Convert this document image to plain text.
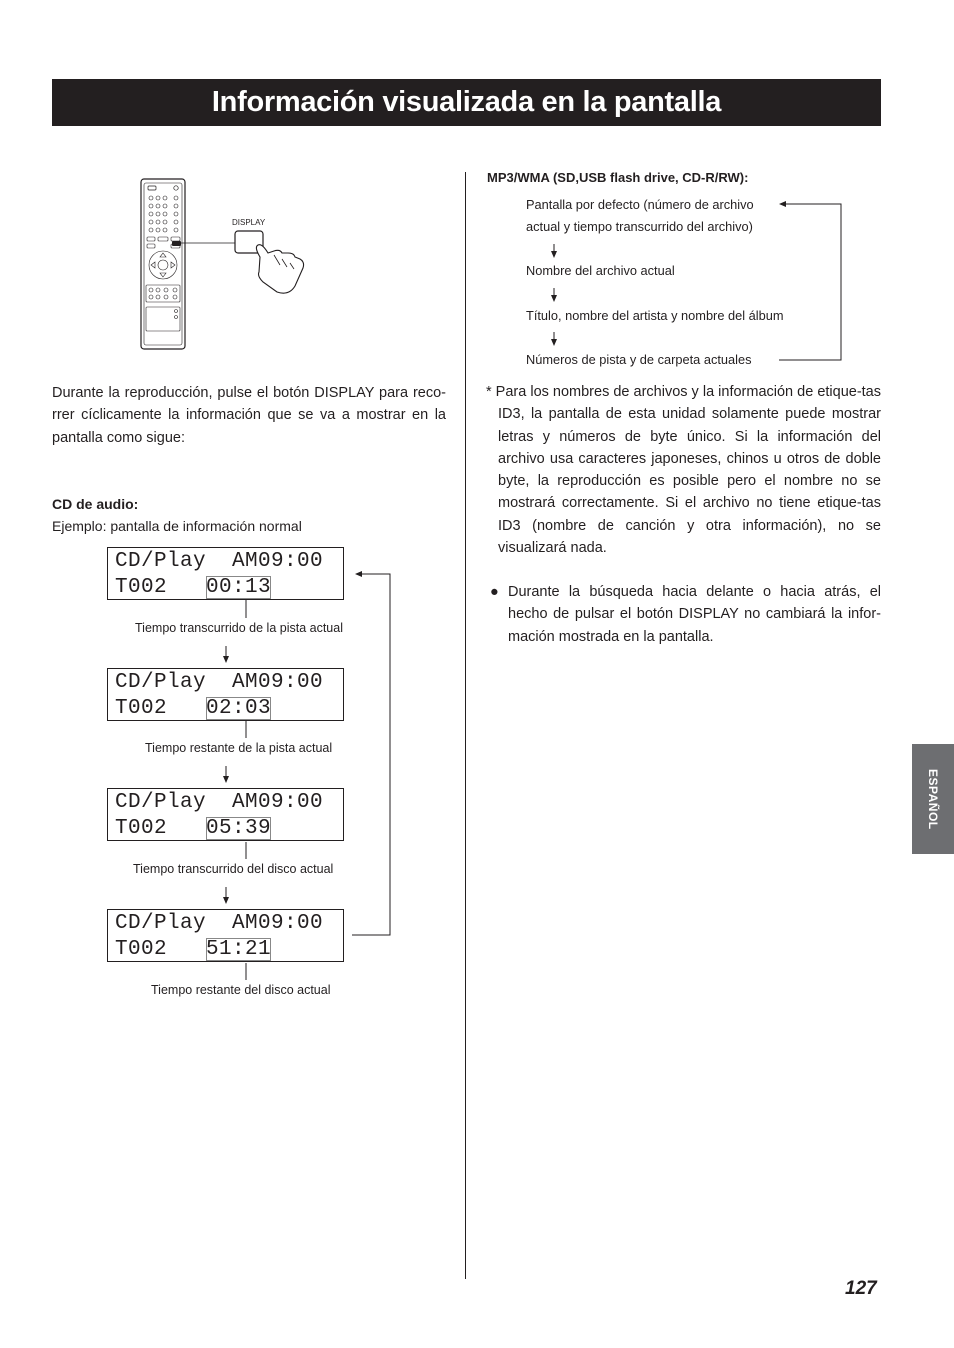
Información visualizada en la pantalla
DISPLAY
Durante la reproducción, pulse el botón DISPLAY para reco-rrer cíclicamente la información que se va a mostrar en la pantalla como sigue:
CD de audio:
Ejemplo: pantalla de información normal
CD/Play  AM09:00
T002   00:13
Tiempo transcurrido de la pista actual
CD/Play  AM09:00
T002   02:03
Tiempo restante de la pista actual
CD/Play  AM09:00
T002   05:39
Tiempo transcurrido del disco actual
CD/Play  AM09:00
T002   51:21
Tiempo restante del disco actual
MP3/WMA (SD,USB flash drive, CD-R/RW):
Pantalla por defecto (número de archivo actual y tiempo transcurrido del archivo)
Nombre del archivo actual
Título, nombre del artista y nombre del álbum
Números de pista y de carpeta actuales
* Para los nombres de archivos y la información de etique-tas ID3, la pantalla de esta unidad solamente puede mostrar letras y números de byte único. Si la información del archivo usa caracteres japoneses, chinos u otros de doble byte, la reproducción es posible pero el nombre no se mostrará correctamente. Si el archivo no tiene etique-tas ID3 (nombre de canción y otra información), no se visualizará nada.
● Durante la búsqueda hacia delante o hacia atrás, el hecho de pulsar el botón DISPLAY no cambiará la infor-mación mostrada en la pantalla.
ESPAÑOL
127
